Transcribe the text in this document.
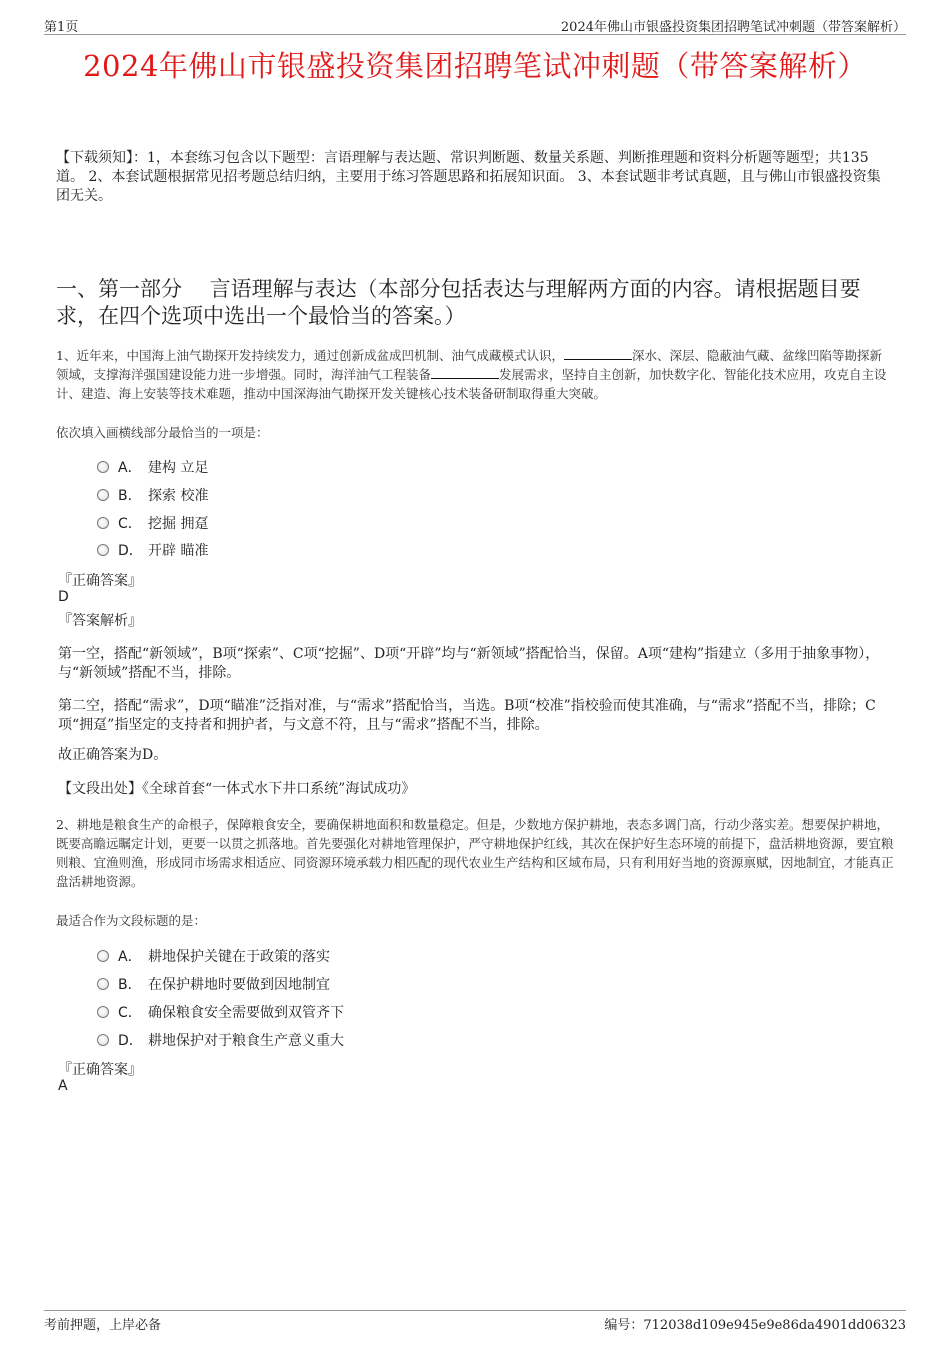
第1页	2024年佛山市银盛投资集团招聘笔试冲刺题（带答案解析）
2024年佛山市银盛投资集团招聘笔试冲刺题（带答案解析）
【下载须知】：1，本套练习包含以下题型：言语理解与表达题、常识判断题、数量关系题、判断推理题和资料分析题等题型；共135道。 2、本套试题根据常见招考题总结归纳，主要用于练习答题思路和拓展知识面。 3、本套试题非考试真题，且与佛山市银盛投资集团无关。
一、第一部分　 言语理解与表达（本部分包括表达与理解两方面的内容。请根据题目要求，在四个选项中选出一个最恰当的答案。）
1、近年来，中国海上油气勘探开发持续发力，通过创新成盆成凹机制、油气成藏模式认识，	深水、深层、隐蔽油气藏、盆缘凹陷等勘探新领域，支撑海洋强国建设能力进一步增强。同时，海洋油气工程装备	发展需求，坚持自主创新，加快数字化、智能化技术应用，攻克自主设计、建造、海上安装等技术难题，推动中国深海油气勘探开发关键核心技术装备研制取得重大突破。
依次填入画横线部分最恰当的一项是：
A． 建构 立足
B． 探索 校准
C． 挖掘 拥趸
D． 开辟 瞄准
『正确答案』
D
『答案解析』
第一空，搭配“新领域”，B项“探索”、C项“挖掘”、D项“开辟”均与“新领域”搭配恰当，保留。A项“建构”指建立（多用于抽象事物），与“新领域”搭配不当，排除。
第二空，搭配“需求”，D项“瞄准”泛指对准，与“需求”搭配恰当，当选。B项“校准”指校验而使其准确，与“需求”搭配不当，排除；C项“拥趸”指坚定的支持者和拥护者，与文意不符，且与“需求”搭配不当，排除。
故正确答案为D。
【文段出处】《全球首套“一体式水下井口系统”海试成功》
2、耕地是粮食生产的命根子，保障粮食安全，要确保耕地面积和数量稳定。但是，少数地方保护耕地，表态多调门高，行动少落实差。想要保护耕地，既要高瞻远瞩定计划，更要一以贯之抓落地。首先要强化对耕地管理保护，严守耕地保护红线，其次在保护好生态环境的前提下，盘活耕地资源，要宜粮则粮、宜渔则渔，形成同市场需求相适应、同资源环境承载力相匹配的现代农业生产结构和区域布局，只有利用好当地的资源禀赋，因地制宜，才能真正盘活耕地资源。
最适合作为文段标题的是：
A． 耕地保护关键在于政策的落实
B． 在保护耕地时要做到因地制宜
C． 确保粮食安全需要做到双管齐下
D． 耕地保护对于粮食生产意义重大
『正确答案』
A
考前押题，上岸必备	编号：712038d109e945e9e86da4901dd06323
